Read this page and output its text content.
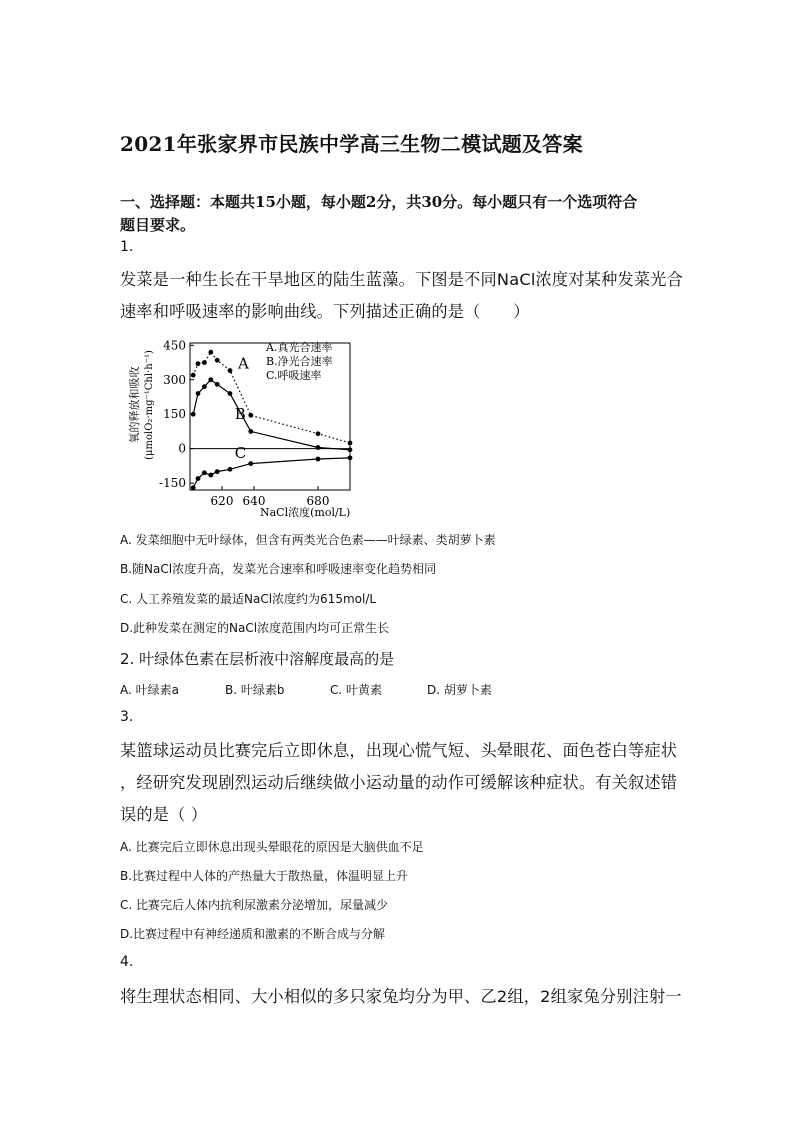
2021年张家界市民族中学高三生物二模试题及答案
一、选择题：本题共15小题，每小题2分，共30分。每小题只有一个选项符合
题目要求。
1.
发菜是一种生长在干旱地区的陆生蓝藻。下图是不同NaCl浓度对某种发菜光合
速率和呼吸速率的影响曲线。下列描述正确的是（　　）
450
300
150
0
-150
620 640	680
A
B
C
A.真光合速率
B.净光合速率
C.呼吸速率
NaCl浓度(mol/L)
氧的释放和吸收 (μmolO₂·mg⁻¹Chl·h⁻¹)
A. 发菜细胞中无叶绿体，但含有两类光合色素——叶绿素、类胡萝卜素
B.随NaCl浓度升高，发菜光合速率和呼吸速率变化趋势相同
C. 人工养殖发菜的最适NaCl浓度约为615mol/L
D.此种发菜在测定的NaCl浓度范围内均可正常生长
2. 叶绿体色素在层析液中溶解度最高的是
A. 叶绿素a	B. 叶绿素b	C. 叶黄素	D. 胡萝卜素
3.
某篮球运动员比赛完后立即休息，出现心慌气短、头晕眼花、面色苍白等症状
，经研究发现剧烈运动后继续做小运动量的动作可缓解该种症状。有关叙述错
误的是（ ）
A. 比赛完后立即休息出现头晕眼花的原因是大脑供血不足
B.比赛过程中人体的产热量大于散热量，体温明显上升
C. 比赛完后人体内抗利尿激素分泌增加，尿量减少
D.比赛过程中有神经递质和激素的不断合成与分解
4.
将生理状态相同、大小相似的多只家兔均分为甲、乙2组，2组家兔分别注射一
